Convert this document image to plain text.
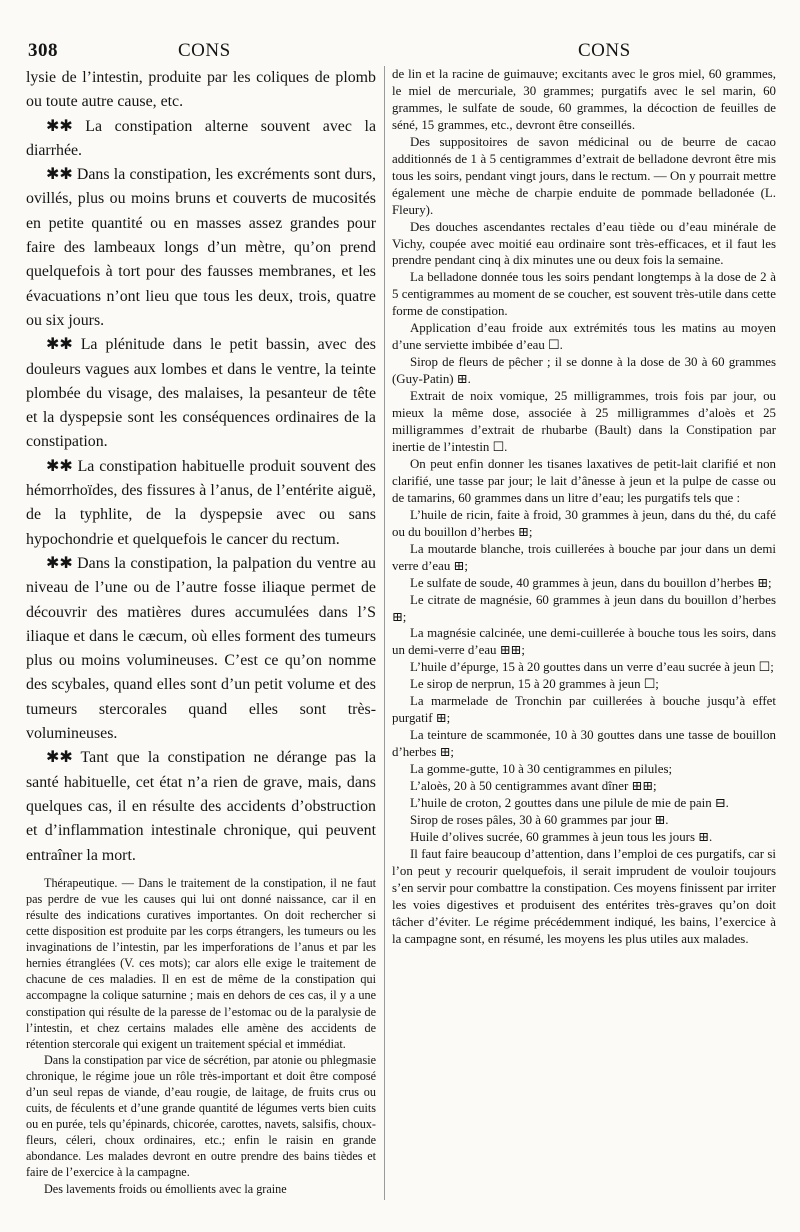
308	CONS	CONS

lysie de l’intestin, produite par les coliques de plomb ou toute autre cause, etc.

✱✱ La constipation alterne souvent avec la diarrhée.

✱✱ Dans la constipation, les excréments sont durs, ovillés, plus ou moins bruns et couverts de mucosités en petite quantité ou en masses assez grandes pour faire des lambeaux longs d’un mètre, qu’on prend quelquefois à tort pour des fausses membranes, et les évacuations n’ont lieu que tous les deux, trois, quatre ou six jours.

✱✱ La plénitude dans le petit bassin, avec des douleurs vagues aux lombes et dans le ventre, la teinte plombée du visage, des malaises, la pesanteur de tête et la dyspepsie sont les conséquences ordinaires de la constipation.

✱✱ La constipation habituelle produit souvent des hémorrhoïdes, des fissures à l’anus, de l’entérite aiguë, de la typhlite, de la dyspepsie avec ou sans hypochondrie et quelquefois le cancer du rectum.

✱✱ Dans la constipation, la palpation du ventre au niveau de l’une ou de l’autre fosse iliaque permet de découvrir des matières dures accumulées dans l’S iliaque et dans le cæcum, où elles forment des tumeurs plus ou moins volumineuses. C’est ce qu’on nomme des scybales, quand elles sont d’un petit volume et des tumeurs stercorales quand elles sont très-volumineuses.

✱✱ Tant que la constipation ne dérange pas la santé habituelle, cet état n’a rien de grave, mais, dans quelques cas, il en résulte des accidents d’obstruction et d’inflammation intestinale chronique, qui peuvent entraîner la mort.

Thérapeutique. — Dans le traitement de la constipation, il ne faut pas perdre de vue les causes qui lui ont donné naissance, car il en résulte des indications curatives importantes. On doit rechercher si cette disposition est produite par les corps étrangers, les tumeurs ou les invaginations de l’intestin, par les imperforations de l’anus et par les hernies étranglées (V. ces mots); car alors elle exige le traitement de chacune de ces maladies. Il en est de même de la constipation qui accompagne la colique saturnine ; mais en dehors de ces cas, il y a une constipation qui résulte de la paresse de l’estomac ou de la paralysie de l’intestin, et chez certains malades elle amène des accidents de rétention stercorale qui exigent un traitement spécial et immédiat.

Dans la constipation par vice de sécrétion, par atonie ou phlegmasie chronique, le régime joue un rôle très-important et doit être composé d’un seul repas de viande, d’eau rougie, de laitage, de fruits crus ou cuits, de féculents et d’une grande quantité de légumes verts bien cuits ou en purée, tels qu’épinards, chicorée, carottes, navets, salsifis, choux-fleurs, céleri, choux ordinaires, etc.; enfin le raisin en grande abondance. Les malades devront en outre prendre des bains tièdes et faire de l’exercice à la campagne.

Des lavements froids ou émollients avec la graine

de lin et la racine de guimauve; excitants avec le gros miel, 60 grammes, le miel de mercuriale, 30 grammes; purgatifs avec le sel marin, 60 grammes, le sulfate de soude, 60 grammes, la décoction de feuilles de séné, 15 grammes, etc., devront être conseillés.

Des suppositoires de savon médicinal ou de beurre de cacao additionnés de 1 à 5 centigrammes d’extrait de belladone devront être mis tous les soirs, pendant vingt jours, dans le rectum. — On y pourrait mettre également une mèche de charpie enduite de pommade belladonée (L. Fleury).

Des douches ascendantes rectales d’eau tiède ou d’eau minérale de Vichy, coupée avec moitié eau ordinaire sont très-efficaces, et il faut les prendre pendant cinq à dix minutes une ou deux fois la semaine.

La belladone donnée tous les soirs pendant longtemps à la dose de 2 à 5 centigrammes au moment de se coucher, est souvent très-utile dans cette forme de constipation.

Application d’eau froide aux extrémités tous les matins au moyen d’une serviette imbibée d’eau ☐.

Sirop de fleurs de pêcher ; il se donne à la dose de 30 à 60 grammes (Guy-Patin) ⊞.

Extrait de noix vomique, 25 milligrammes, trois fois par jour, ou mieux la même dose, associée à 25 milligrammes d’aloès et 25 milligrammes d’extrait de rhubarbe (Bault) dans la Constipation par inertie de l’intestin ☐.

On peut enfin donner les tisanes laxatives de petit-lait clarifié et non clarifié, une tasse par jour; le lait d’ânesse à jeun et la pulpe de casse ou de tamarins, 60 grammes dans un litre d’eau; les purgatifs tels que :

L’huile de ricin, faite à froid, 30 grammes à jeun, dans du thé, du café ou du bouillon d’herbes ⊞;

La moutarde blanche, trois cuillerées à bouche par jour dans un demi verre d’eau ⊞;

Le sulfate de soude, 40 grammes à jeun, dans du bouillon d’herbes ⊞;

Le citrate de magnésie, 60 grammes à jeun dans du bouillon d’herbes ⊞;

La magnésie calcinée, une demi-cuillerée à bouche tous les soirs, dans un demi-verre d’eau ⊞⊞;

L’huile d’épurge, 15 à 20 gouttes dans un verre d’eau sucrée à jeun ☐;

Le sirop de nerprun, 15 à 20 grammes à jeun ☐;

La marmelade de Tronchin par cuillerées à bouche jusqu’à effet purgatif ⊞;

La teinture de scammonée, 10 à 30 gouttes dans une tasse de bouillon d’herbes ⊞;

La gomme-gutte, 10 à 30 centigrammes en pilules;

L’aloès, 20 à 50 centigrammes avant dîner ⊞⊞;

L’huile de croton, 2 gouttes dans une pilule de mie de pain ⊟.

Sirop de roses pâles, 30 à 60 grammes par jour ⊞.

Huile d’olives sucrée, 60 grammes à jeun tous les jours ⊞.

Il faut faire beaucoup d’attention, dans l’emploi de ces purgatifs, car si l’on peut y recourir quelquefois, il serait imprudent de vouloir toujours s’en servir pour combattre la constipation. Ces moyens finissent par irriter les voies digestives et produisent des entérites très-graves qu’on doit tâcher d’éviter. Le régime précédemment indiqué, les bains, l’exercice à la campagne sont, en résumé, les moyens les plus utiles aux malades.
